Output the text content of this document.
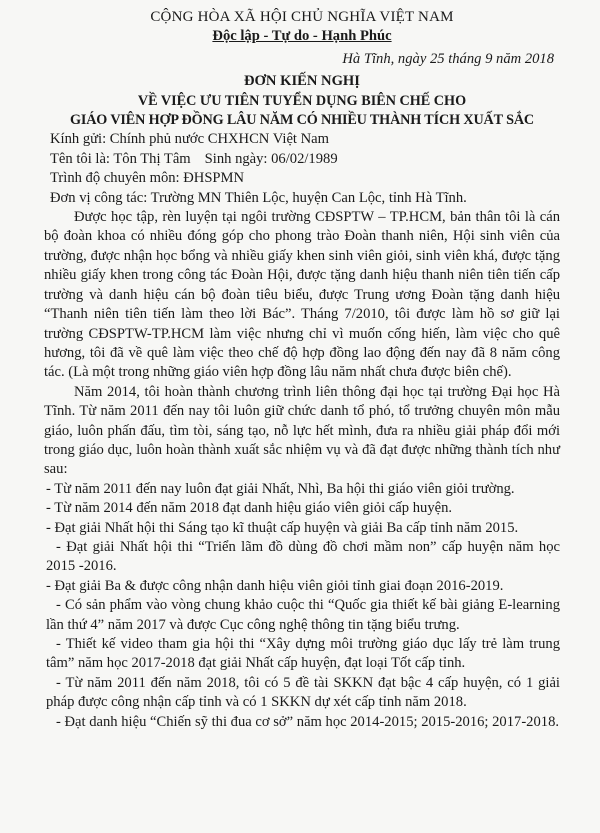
CỘNG HÒA XÃ HỘI CHỦ NGHĨA VIỆT NAM
Độc lập - Tự do - Hạnh Phúc
Hà Tĩnh, ngày 25 tháng 9 năm 2018
ĐƠN KIẾN NGHỊ
VỀ VIỆC ƯU TIÊN TUYỂN DỤNG BIÊN CHẾ CHO
GIÁO VIÊN HỢP ĐỒNG LÂU NĂM CÓ NHIỀU THÀNH TÍCH XUẤT SẮC
Kính gửi: Chính phủ nước CHXHCN Việt Nam
Tên tôi là: Tôn Thị Tâm Sinh ngày: 06/02/1989
Trình độ chuyên môn: ĐHSPMN
Đơn vị công tác: Trường MN Thiên Lộc, huyện Can Lộc, tỉnh Hà Tĩnh.

Được học tập, rèn luyện tại ngôi trường CĐSPTW – TP.HCM, bản thân tôi là cán bộ đoàn khoa có nhiều đóng góp cho phong trào Đoàn thanh niên, Hội sinh viên của trường, được nhận học bổng và nhiều giấy khen sinh viên giỏi, sinh viên khá, được tặng nhiều giấy khen trong công tác Đoàn Hội, được tặng danh hiệu thanh niên tiên tiến cấp trường và danh hiệu cán bộ đoàn tiêu biểu, được Trung ương Đoàn tặng danh hiệu “Thanh niên tiên tiến làm theo lời Bác”. Tháng 7/2010, tôi được làm hồ sơ giữ lại trường CĐSPTW-TP.HCM làm việc nhưng chỉ vì muốn cống hiến, làm việc cho quê hương, tôi đã về quê làm việc theo chế độ hợp đồng lao động đến nay đã 8 năm công tác. (Là một trong những giáo viên hợp đồng lâu năm nhất chưa được biên chế).

Năm 2014, tôi hoàn thành chương trình liên thông đại học tại trường Đại học Hà Tĩnh. Từ năm 2011 đến nay tôi luôn giữ chức danh tổ phó, tổ trưởng chuyên môn mẫu giáo, luôn phấn đấu, tìm tòi, sáng tạo, nỗ lực hết mình, đưa ra nhiều giải pháp đổi mới trong giáo dục, luôn hoàn thành xuất sắc nhiệm vụ và đã đạt được những thành tích như sau:

- Từ năm 2011 đến nay luôn đạt giải Nhất, Nhì, Ba hội thi giáo viên giỏi trường.
- Từ năm 2014 đến năm 2018 đạt danh hiệu giáo viên giỏi cấp huyện.
- Đạt giải Nhất hội thi Sáng tạo kĩ thuật cấp huyện và giải Ba cấp tỉnh năm 2015.
- Đạt giải Nhất hội thi “Triển lãm đồ dùng đồ chơi mầm non” cấp huyện năm học 2015 -2016.
- Đạt giải Ba & được công nhận danh hiệu viên giỏi tỉnh giai đoạn 2016-2019.
- Có sản phẩm vào vòng chung khảo cuộc thi “Quốc gia thiết kế bài giảng E-learning lần thứ 4” năm 2017 và được Cục công nghệ thông tin tặng biểu trưng.
- Thiết kế video tham gia hội thi “Xây dựng môi trường giáo dục lấy trẻ làm trung tâm” năm học 2017-2018 đạt giải Nhất cấp huyện, đạt loại Tốt cấp tỉnh.
- Từ năm 2011 đến năm 2018, tôi có 5 đề tài SKKN đạt bậc 4 cấp huyện, có 1 giải pháp được công nhận cấp tỉnh và có 1 SKKN dự xét cấp tỉnh năm 2018.
- Đạt danh hiệu “Chiến sỹ thi đua cơ sở” năm học 2014-2015; 2015-2016; 2017-2018.
